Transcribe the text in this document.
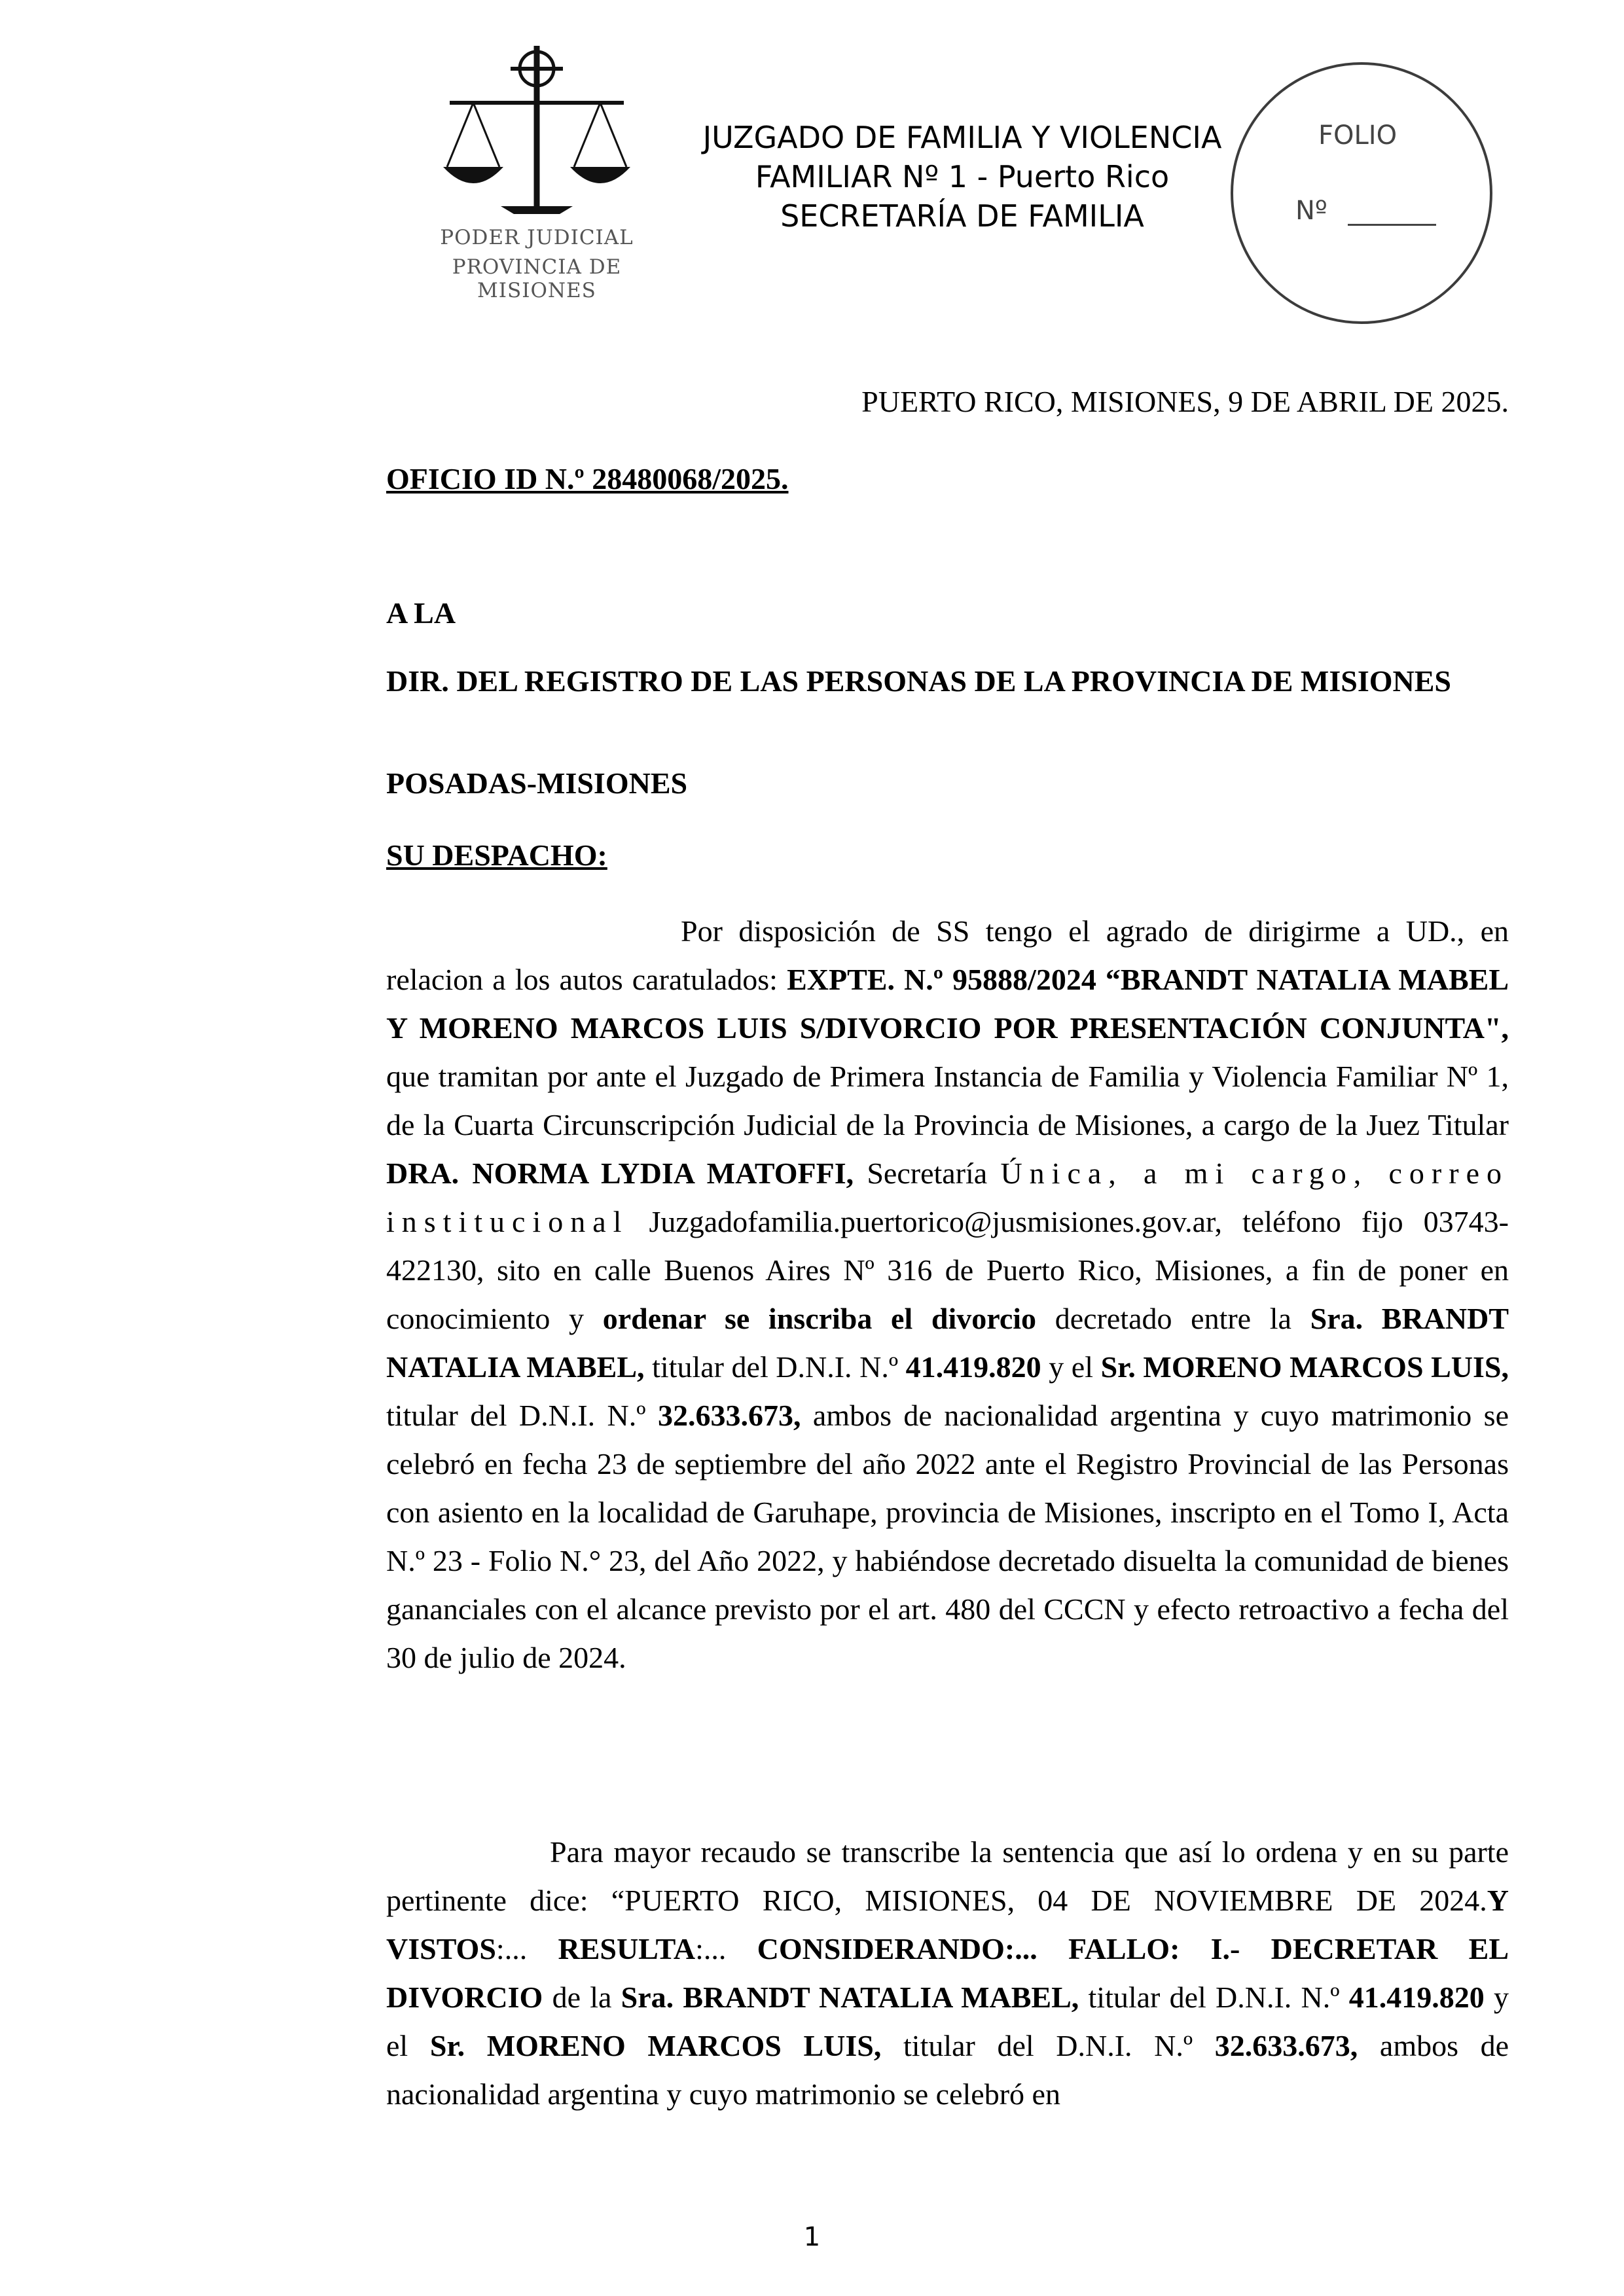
PODER JUDICIAL
PROVINCIA DE MISIONES
JUZGADO DE FAMILIA Y VIOLENCIA
FAMILIAR Nº 1 - Puerto Rico
SECRETARÍA DE FAMILIA
FOLIO
Nº
PUERTO RICO, MISIONES, 9 DE ABRIL DE 2025.
OFICIO ID N.º 28480068/2025.
A LA
DIR. DEL REGISTRO DE LAS PERSONAS DE LA PROVINCIA DE MISIONES
POSADAS-MISIONES
SU DESPACHO:
Por disposición de SS tengo el agrado de dirigirme a UD., en relacion a los autos caratulados: EXPTE. N.º 95888/2024 “BRANDT NATALIA MABEL Y MORENO MARCOS LUIS S/DIVORCIO POR PRESENTACIÓN CONJUNTA", que tramitan por ante el Juzgado de Primera Instancia de Familia y Violencia Familiar Nº 1, de la Cuarta Circunscripción Judicial de la Provincia de Misiones, a cargo de la Juez Titular DRA. NORMA LYDIA MATOFFI, Secretaría Única, a mi cargo, correo institucional Juzgadofamilia.puertorico@jusmisiones.gov.ar, teléfono fijo 03743-422130, sito en calle Buenos Aires Nº 316 de Puerto Rico, Misiones, a fin de poner en conocimiento y ordenar se inscriba el divorcio decretado entre la Sra. BRANDT NATALIA MABEL, titular del D.N.I. N.º 41.419.820 y el Sr. MORENO MARCOS LUIS, titular del D.N.I. N.º 32.633.673, ambos de nacionalidad argentina y cuyo matrimonio se celebró en fecha 23 de septiembre del año 2022 ante el Registro Provincial de las Personas con asiento en la localidad de Garuhape, provincia de Misiones, inscripto en el Tomo I, Acta N.º 23 - Folio N.° 23, del Año 2022, y habiéndose decretado disuelta la comunidad de bienes gananciales con el alcance previsto por el art. 480 del CCCN y efecto retroactivo a fecha del 30 de julio de 2024.
Para mayor recaudo se transcribe la sentencia que así lo ordena y en su parte pertinente dice: “PUERTO RICO, MISIONES, 04 DE NOVIEMBRE DE 2024.Y VISTOS:... RESULTA:... CONSIDERANDO:... FALLO: I.- DECRETAR EL DIVORCIO de la Sra. BRANDT NATALIA MABEL, titular del D.N.I. N.º 41.419.820 y el Sr. MORENO MARCOS LUIS, titular del D.N.I. N.º 32.633.673, ambos de nacionalidad argentina y cuyo matrimonio se celebró en
1
